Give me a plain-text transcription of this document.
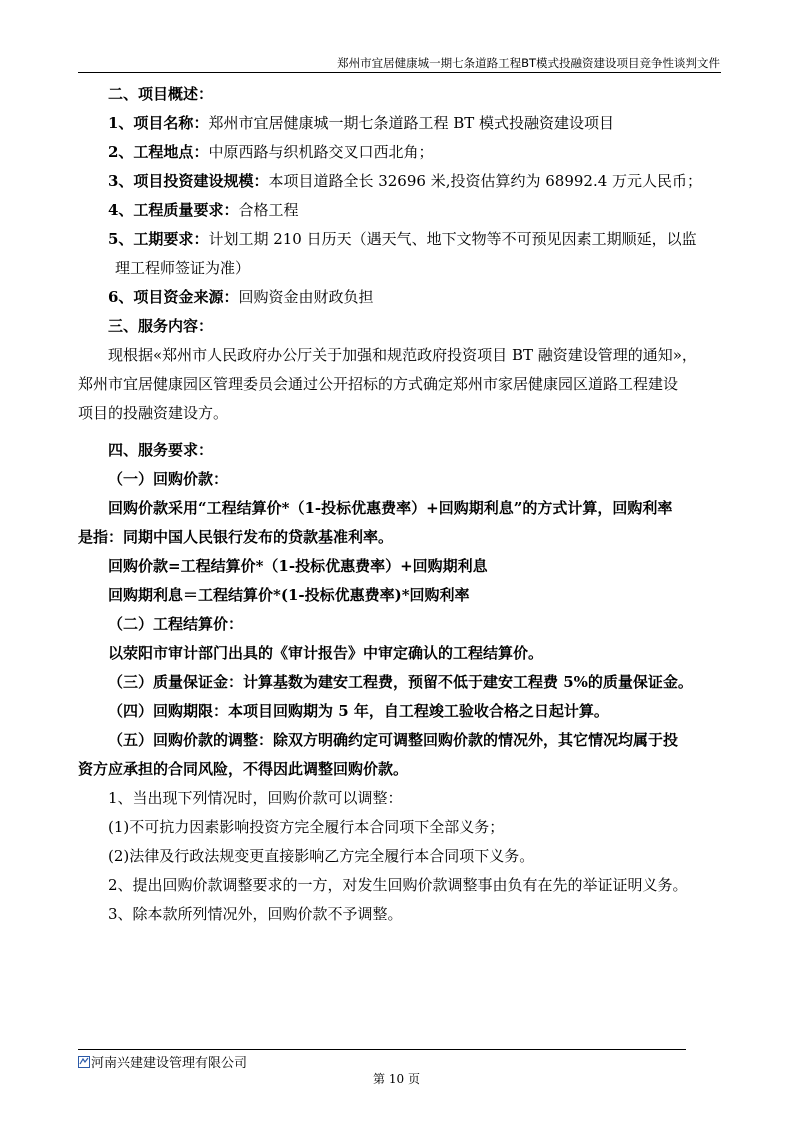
郑州市宜居健康城一期七条道路工程BT模式投融资建设项目竞争性谈判文件
二、项目概述：
1、项目名称：郑州市宜居健康城一期七条道路工程 BT 模式投融资建设项目
2、工程地点：中原西路与织机路交叉口西北角；
3、项目投资建设规模：本项目道路全长 32696 米,投资估算约为 68992.4 万元人民币；
4、工程质量要求：合格工程
5、工期要求：计划工期 210 日历天（遇天气、地下文物等不可预见因素工期顺延，以监
理工程师签证为准）
6、项目资金来源：回购资金由财政负担
三、服务内容：
现根据«郑州市人民政府办公厅关于加强和规范政府投资项目 BT 融资建设管理的通知»，
郑州市宜居健康园区管理委员会通过公开招标的方式确定郑州市家居健康园区道路工程建设
项目的投融资建设方。
四、服务要求：
（一）回购价款：
回购价款采用“工程结算价*（1-投标优惠费率）+回购期利息”的方式计算，回购利率
是指：同期中国人民银行发布的贷款基准利率。
回购价款=工程结算价*（1-投标优惠费率）+回购期利息
回购期利息＝工程结算价*(1-投标优惠费率)*回购利率
（二）工程结算价：
以荥阳市审计部门出具的《审计报告》中审定确认的工程结算价。
（三）质量保证金：计算基数为建安工程费，预留不低于建安工程费 5%的质量保证金。
（四）回购期限：本项目回购期为 5 年，自工程竣工验收合格之日起计算。
（五）回购价款的调整：除双方明确约定可调整回购价款的情况外，其它情况均属于投
资方应承担的合同风险，不得因此调整回购价款。
1、当出现下列情况时，回购价款可以调整：
(1)不可抗力因素影响投资方完全履行本合同项下全部义务；
(2)法律及行政法规变更直接影响乙方完全履行本合同项下义务。
2、提出回购价款调整要求的一方，对发生回购价款调整事由负有在先的举证证明义务。
3、除本款所列情况外，回购价款不予调整。
河南兴建建设管理有限公司
第 10 页
